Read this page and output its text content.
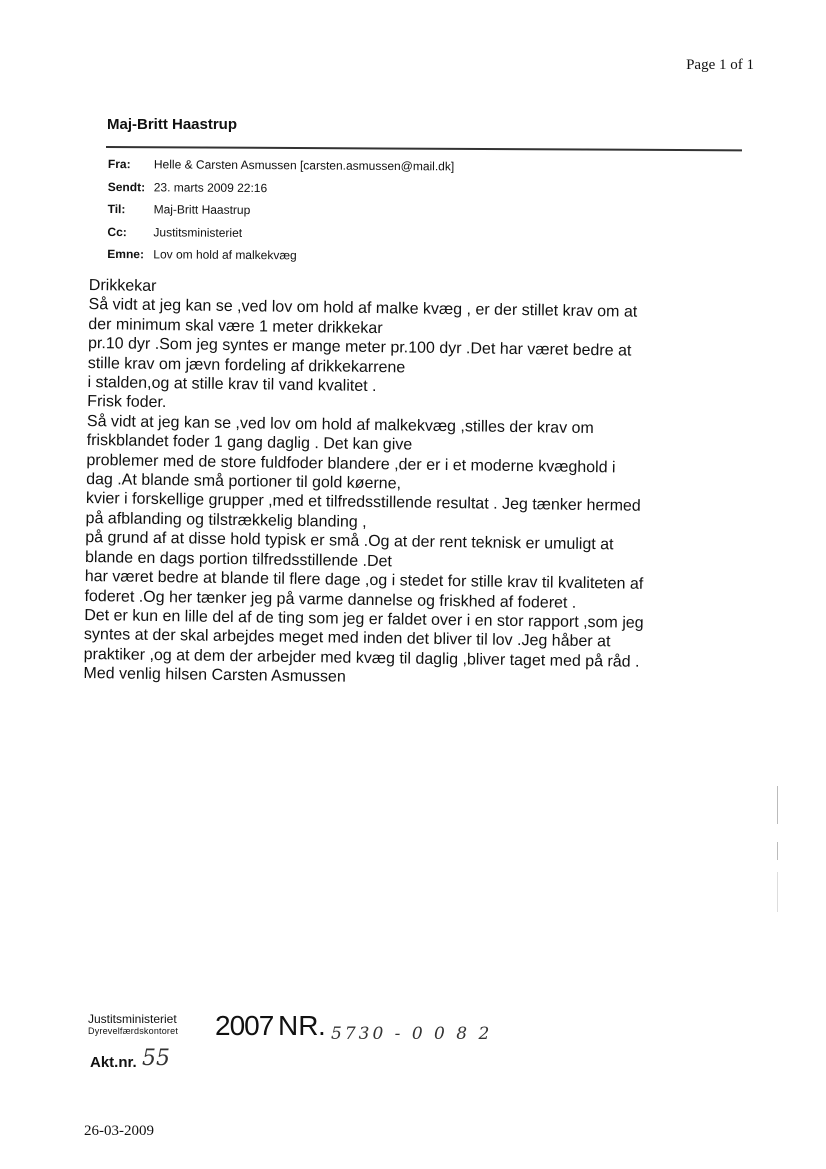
Page 1 of 1
Maj-Britt Haastrup
Fra:	Helle & Carsten Asmussen [carsten.asmussen@mail.dk]
Sendt: 23. marts 2009 22:16
Til:	Maj-Britt Haastrup
Cc:	Justitsministeriet
Emne: Lov om hold af malkekvæg
Drikkekar
Så vidt at jeg kan se ,ved lov om hold af malke kvæg , er der stillet krav om at
der minimum skal være 1 meter drikkekar
pr.10 dyr .Som jeg syntes er mange meter pr.100 dyr .Det har været bedre at
stille krav om jævn fordeling af drikkekarrene
i stalden,og at stille krav til vand kvalitet .
Frisk foder.
Så vidt at jeg kan se ,ved lov om hold af malkekvæg ,stilles der krav om
friskblandet foder 1 gang daglig . Det kan give
problemer med de store fuldfoder blandere ,der er i et moderne kvæghold i
dag .At blande små portioner til gold køerne,
kvier i forskellige grupper ,med et tilfredsstillende resultat . Jeg tænker hermed
på afblanding og tilstrækkelig blanding ,
på grund af at disse hold typisk er små .Og at der rent teknisk er umuligt at
blande en dags portion tilfredsstillende .Det
har været bedre at blande til flere dage ,og i stedet for stille krav til kvaliteten af
foderet .Og her tænker jeg på varme dannelse og friskhed af foderet .
Det er kun en lille del af de ting som jeg er faldet over i en stor rapport ,som jeg
syntes at der skal arbejdes meget med inden det bliver til lov .Jeg håber at
praktiker ,og at dem der arbejder med kvæg til daglig ,bliver taget med på råd .
Med venlig hilsen Carsten Asmussen
Justitsministeriet
Dyrevelfærdskontoret 2007 NR . 5730 - 0 0 8 2
Akt.nr. 55
26-03-2009
